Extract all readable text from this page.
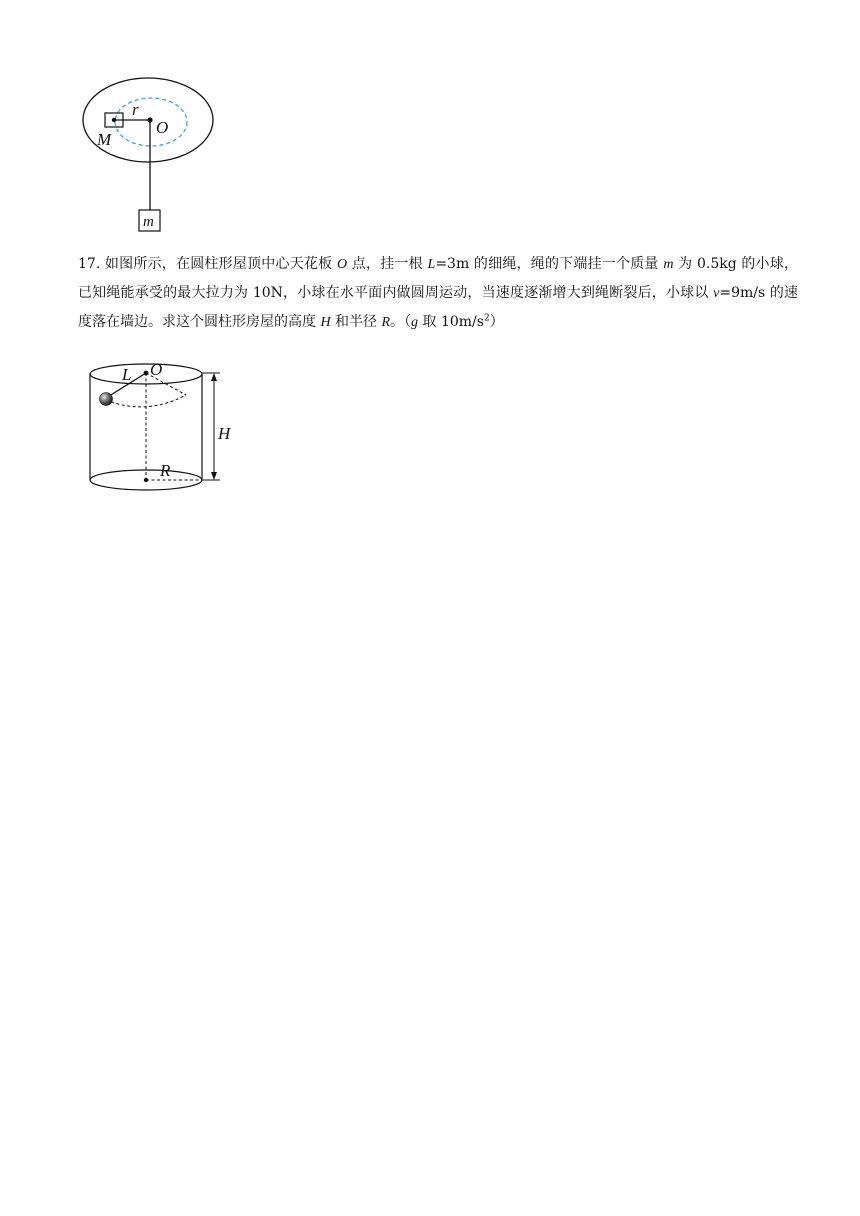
r
O
M
m
17. 如图所示，在圆柱形屋顶中心天花板 O 点，挂一根 L=3m 的细绳，绳的下端挂一个质量 m 为 0.5kg 的小球，已知绳能承受的最大拉力为 10N，小球在水平面内做圆周运动，当速度逐渐增大到绳断裂后，小球以 v=9m/s 的速度落在墙边。求这个圆柱形房屋的高度 H 和半径 R。（g 取 $10m/s^2$）
L O
H
R
